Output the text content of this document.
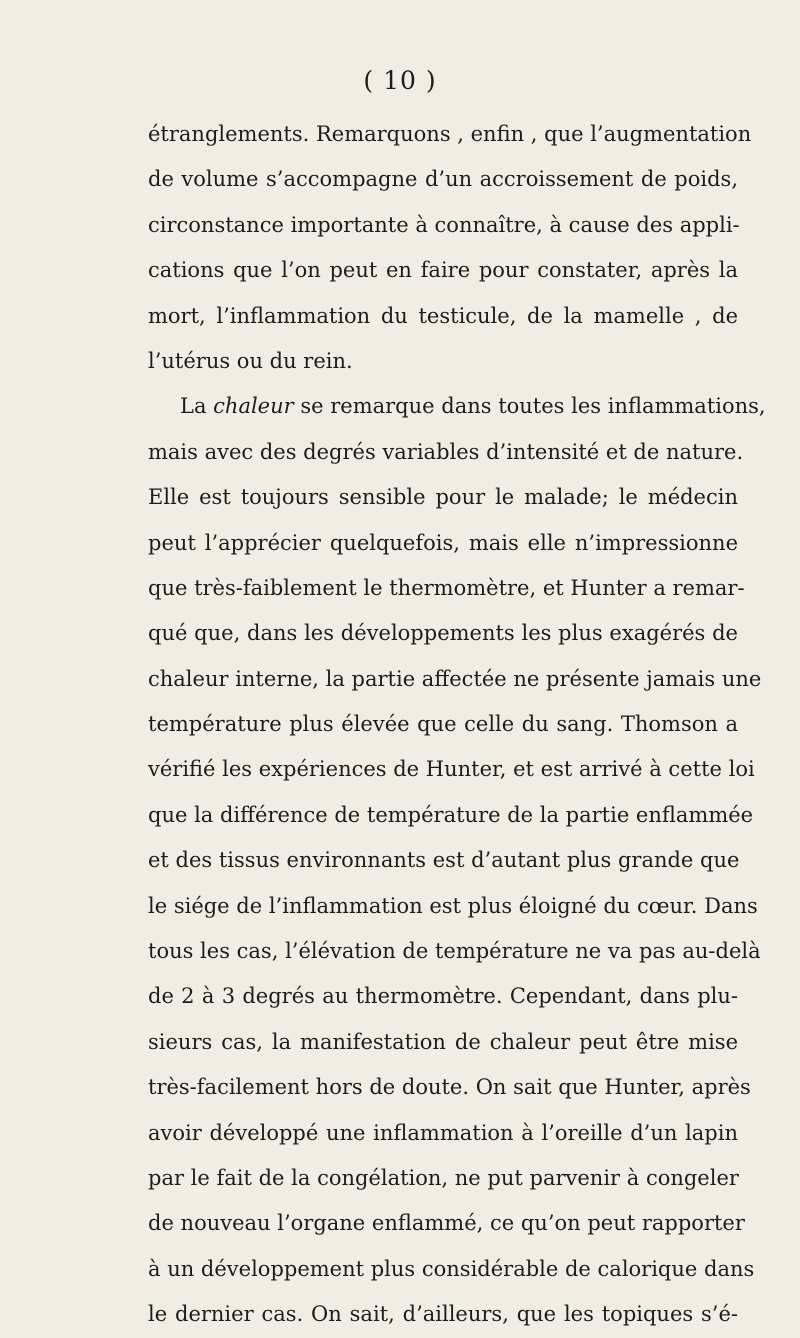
( 10 )
étranglements. Remarquons , enfin , que l’augmentation
de volume s’accompagne d’un accroissement de poids,
circonstance importante à connaître, à cause des appli-
cations que l’on peut en faire pour constater, après la
mort, l’inflammation du testicule, de la mamelle , de
l’utérus ou du rein.
La chaleur se remarque dans toutes les inflammations,
mais avec des degrés variables d’intensité et de nature.
Elle est toujours sensible pour le malade; le médecin
peut l’apprécier quelquefois, mais elle n’impressionne
que très-faiblement le thermomètre, et Hunter a remar-
qué que, dans les développements les plus exagérés de
chaleur interne, la partie affectée ne présente jamais une
température plus élevée que celle du sang. Thomson a
vérifié les expériences de Hunter, et est arrivé à cette loi
que la différence de température de la partie enflammée
et des tissus environnants est d’autant plus grande que
le siége de l’inflammation est plus éloigné du cœur. Dans
tous les cas, l’élévation de température ne va pas au-delà
de 2 à 3 degrés au thermomètre. Cependant, dans plu-
sieurs cas, la manifestation de chaleur peut être mise
très-facilement hors de doute. On sait que Hunter, après
avoir développé une inflammation à l’oreille d’un lapin
par le fait de la congélation, ne put parvenir à congeler
de nouveau l’organe enflammé, ce qu’on peut rapporter
à un développement plus considérable de calorique dans
le dernier cas. On sait, d’ailleurs, que les topiques s’é-
